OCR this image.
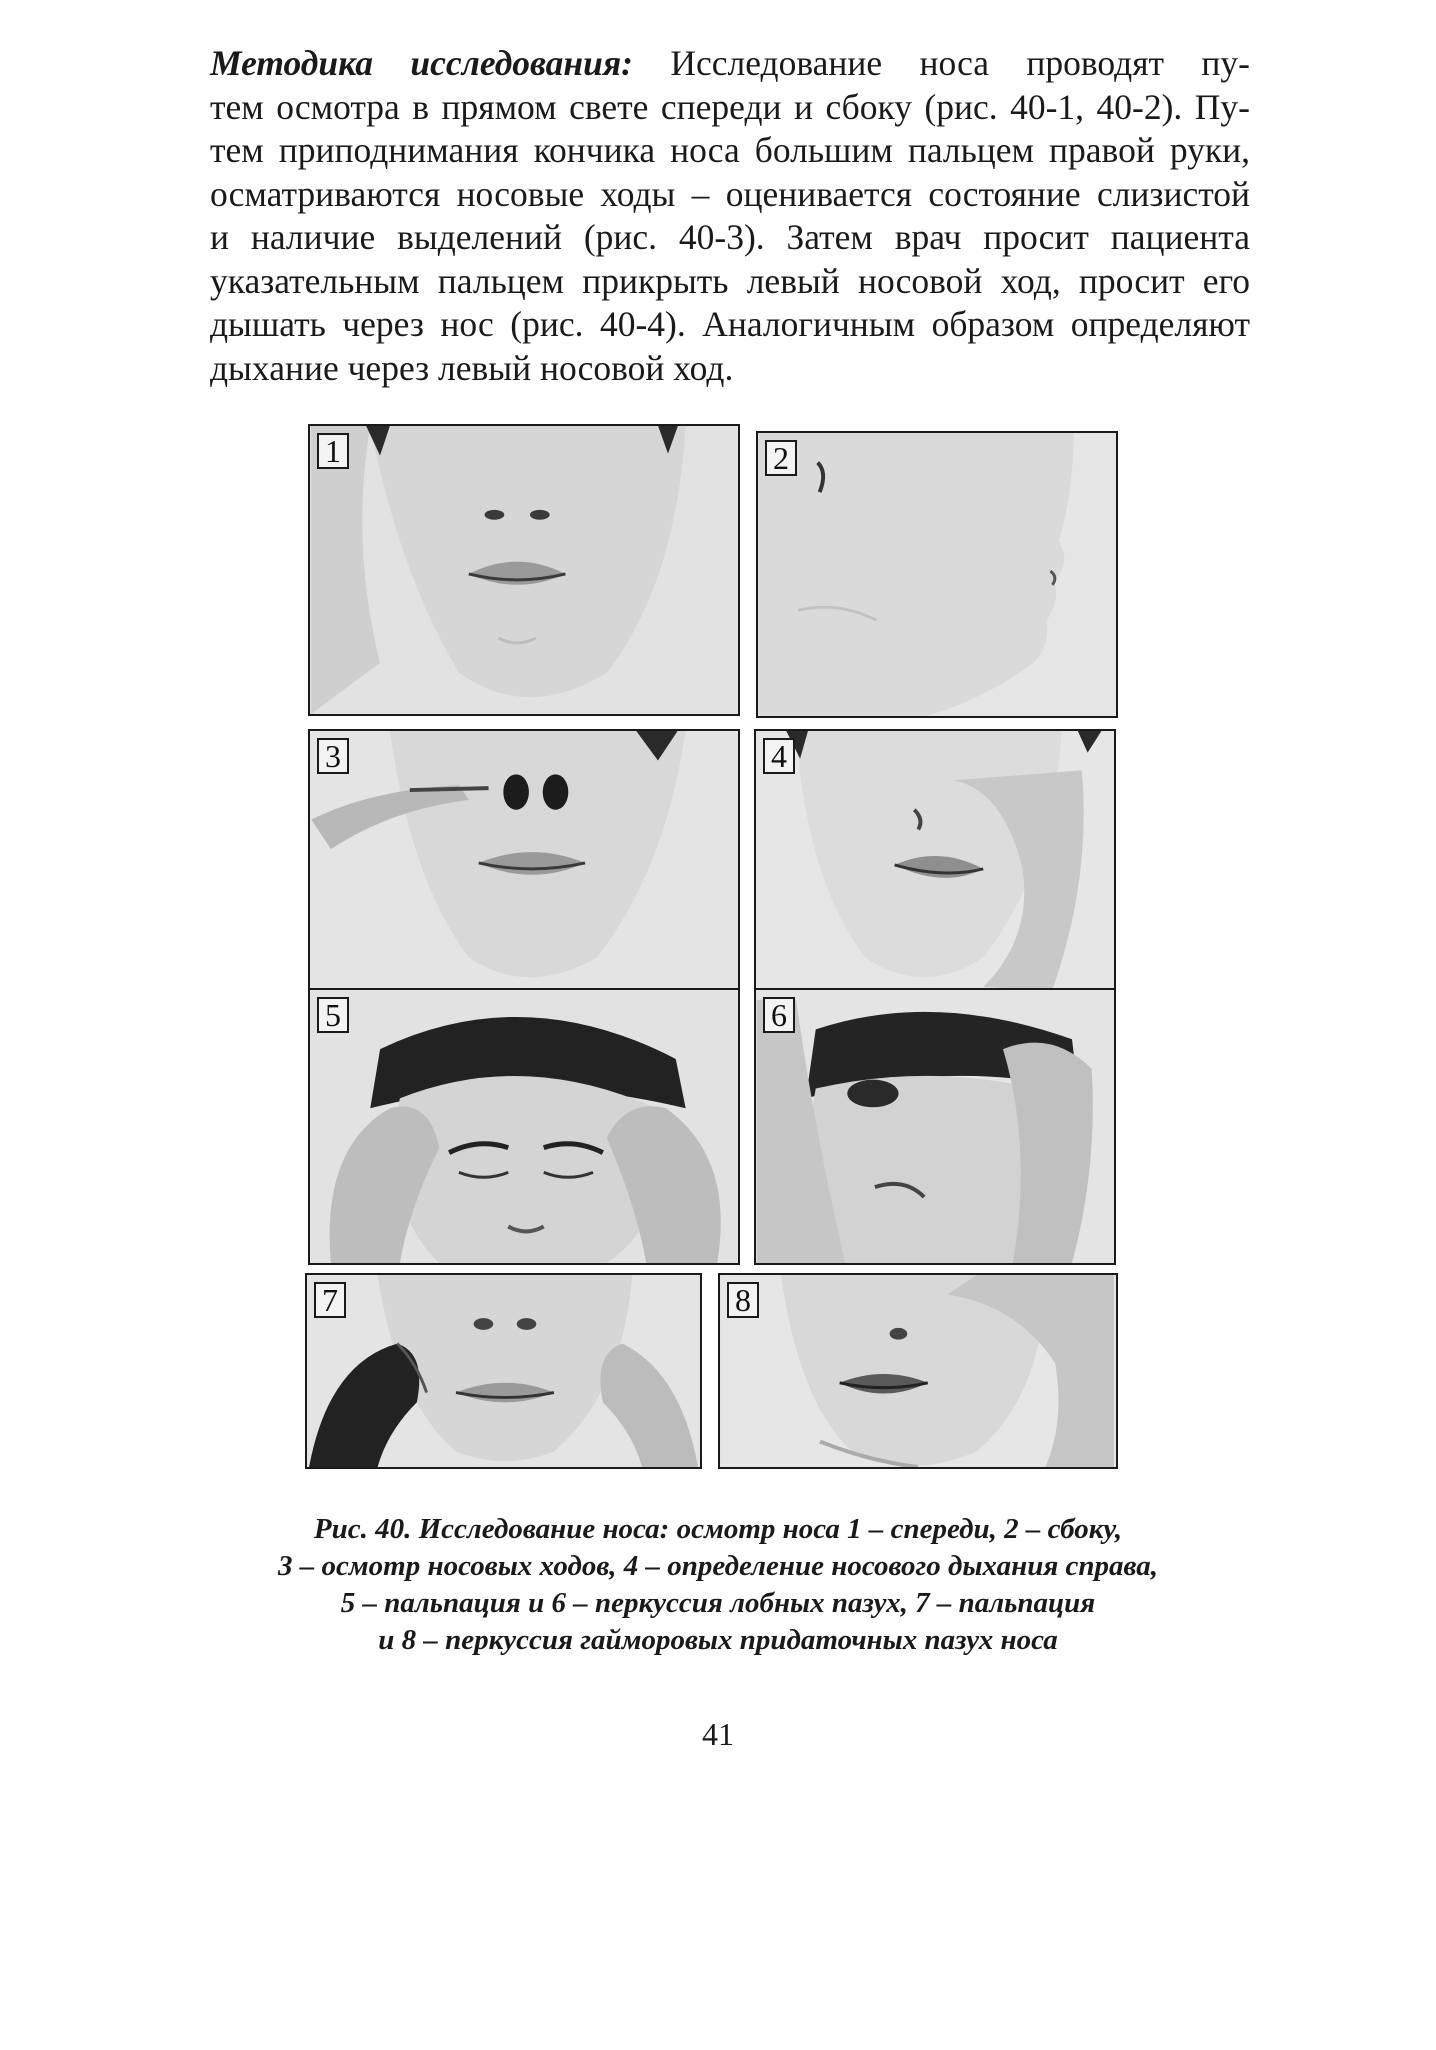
Методика исследования: Исследование носа проводят пу-
тем осмотра в прямом свете спереди и сбоку (рис. 40-1, 40-2). Пу-
тем приподнимания кончика носа большим пальцем правой руки,
осматриваются носовые ходы – оценивается состояние слизистой
и наличие выделений (рис. 40-3). Затем врач просит пациента
указательным пальцем прикрыть левый носовой ход, просит его
дышать через нос (рис. 40-4). Аналогичным образом определяют
дыхание через левый носовой ход.
1	2
3	4
5	6
7	8
Рис. 40. Исследование носа: осмотр носа 1 – спереди, 2 – сбоку,
3 – осмотр носовых ходов, 4 – определение носового дыхания справа,
5 – пальпация и 6 – перкуссия лобных пазух, 7 – пальпация
и 8 – перкуссия гайморовых придаточных пазух носа
41
